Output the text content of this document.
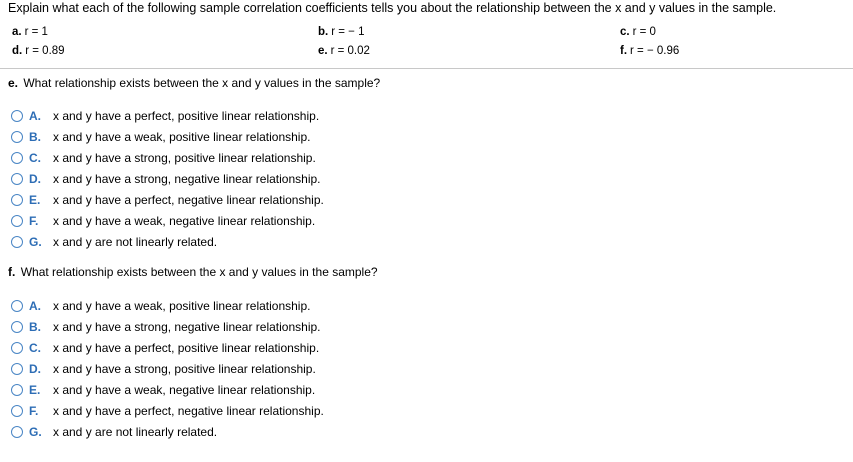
Explain what each of the following sample correlation coefficients tells you about the relationship between the x and y values in the sample.
a. r = 1	b. r = − 1	c. r = 0
d. r = 0.89	e. r = 0.02	f. r = − 0.96
e. What relationship exists between the x and y values in the sample?
A.	x and y have a perfect, positive linear relationship.
B.	x and y have a weak, positive linear relationship.
C.	x and y have a strong, positive linear relationship.
D.	x and y have a strong, negative linear relationship.
E.	x and y have a perfect, negative linear relationship.
F.	x and y have a weak, negative linear relationship.
G. x and y are not linearly related.
f. What relationship exists between the x and y values in the sample?
A.	x and y have a weak, positive linear relationship.
B.	x and y have a strong, negative linear relationship.
C.	x and y have a perfect, positive linear relationship.
D.	x and y have a strong, positive linear relationship.
E.	x and y have a weak, negative linear relationship.
F.	x and y have a perfect, negative linear relationship.
G. x and y are not linearly related.
